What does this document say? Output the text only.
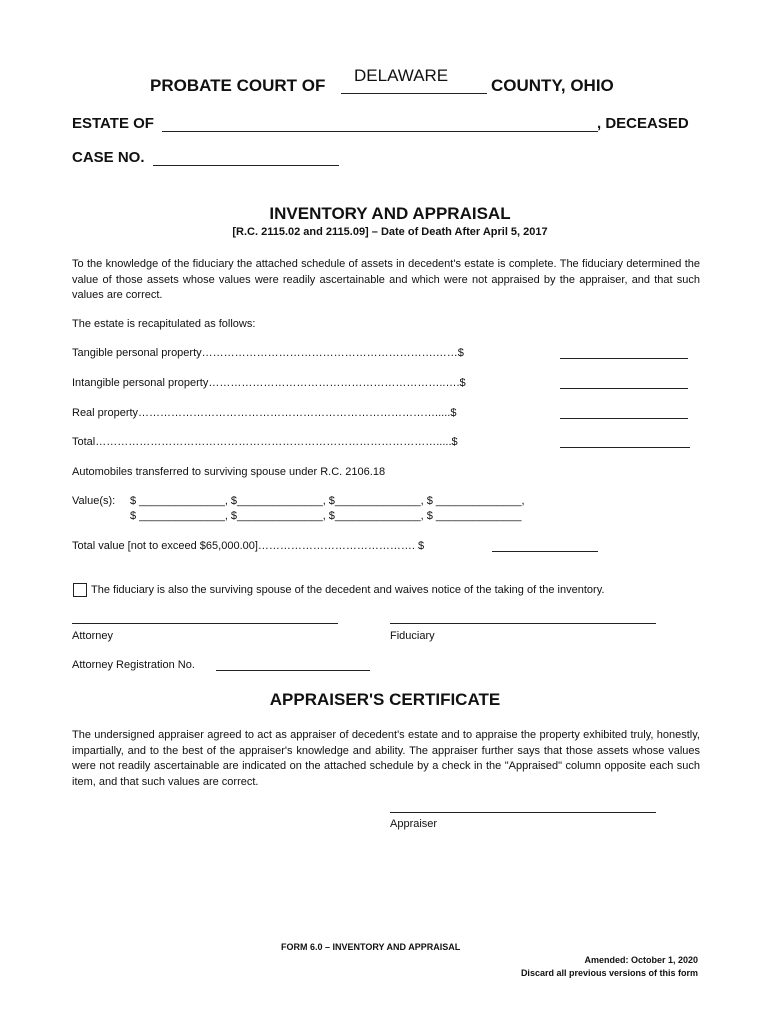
PROBATE COURT OF
DELAWARE
COUNTY, OHIO
ESTATE OF	, DECEASED
CASE NO.
INVENTORY AND APPRAISAL
[R.C. 2115.02 and 2115.09] – Date of Death After April 5, 2017
To the knowledge of the fiduciary the attached schedule of assets in decedent's estate is complete. The fiduciary determined the value of those assets whose values were readily ascertainable and which were not appraised by the appraiser, and that such values are correct.
The estate is recapitulated as follows:
Tangible personal property……………………………………………………….……$
Intangible personal property………………………………………………………..….$
Real property……………………………………………………………………….....$
Total………………………………………………………………………………….....$
Automobiles transferred to surviving spouse under R.C. 2106.18
Value(s): $ ______________, $______________, $______________, $ ______________,
$ ______________, $______________, $______________, $ ______________
Total value [not to exceed $65,000.00]……………………………………. $
The fiduciary is also the surviving spouse of the decedent and waives notice of the taking of the inventory.
Attorney	Fiduciary
Attorney Registration No.
APPRAISER'S CERTIFICATE
The undersigned appraiser agreed to act as appraiser of decedent's estate and to appraise the property exhibited truly, honestly, impartially, and to the best of the appraiser's knowledge and ability. The appraiser further says that those assets whose values were not readily ascertainable are indicated on the attached schedule by a check in the "Appraised" column opposite each such item, and that such values are correct.
Appraiser
FORM 6.0 – INVENTORY AND APPRAISAL
Amended: October 1, 2020
Discard all previous versions of this form
